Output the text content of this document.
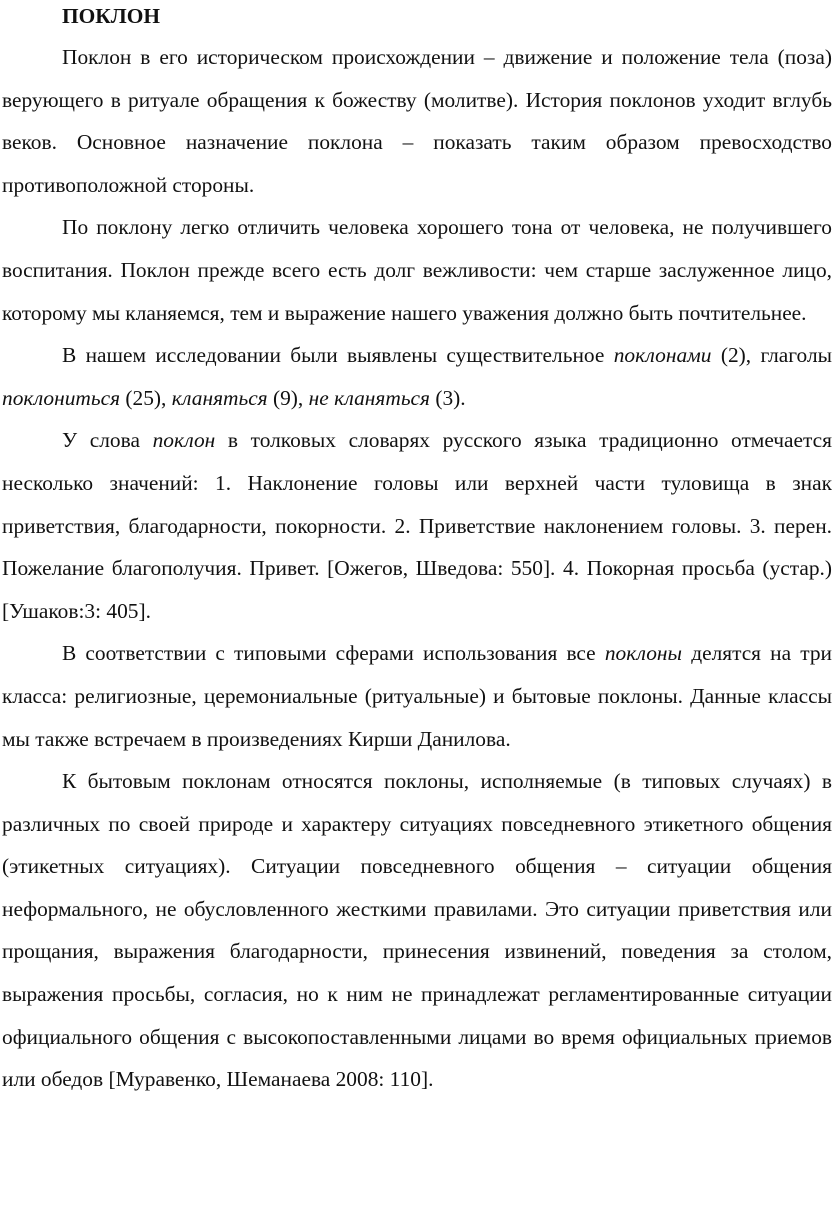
ПОКЛОН

Поклон в его историческом происхождении – движение и положение тела (поза) верующего в ритуале обращения к божеству (молитве). История поклонов уходит вглубь веков. Основное назначение поклона – показать таким образом превосходство противоположной стороны.

По поклону легко отличить человека хорошего тона от человека, не получившего воспитания. Поклон прежде всего есть долг вежливости: чем старше заслуженное лицо, которому мы кланяемся, тем и выражение нашего уважения должно быть почтительнее.

В нашем исследовании были выявлены существительное поклонами (2), глаголы поклониться (25), кланяться (9), не кланяться (3).

У слова поклон в толковых словарях русского языка традиционно отмечается несколько значений: 1. Наклонение головы или верхней части туловища в знак приветствия, благодарности, покорности. 2. Приветствие наклонением головы. 3. перен. Пожелание благополучия. Привет. [Ожегов, Шведова: 550]. 4. Покорная просьба (устар.) [Ушаков:3: 405].

В соответствии с типовыми сферами использования все поклоны делятся на три класса: религиозные, церемониальные (ритуальные) и бытовые поклоны. Данные классы мы также встречаем в произведениях Кирши Данилова.

К бытовым поклонам относятся поклоны, исполняемые (в типовых случаях) в различных по своей природе и характеру ситуациях повседневного этикетного общения (этикетных ситуациях). Ситуации повседневного общения – ситуации общения неформального, не обусловленного жесткими правилами. Это ситуации приветствия или прощания, выражения благодарности, принесения извинений, поведения за столом, выражения просьбы, согласия, но к ним не принадлежат регламентированные ситуации официального общения с высокопоставленными лицами во время официальных приемов или обедов [Муравенко, Шеманаева 2008: 110].
